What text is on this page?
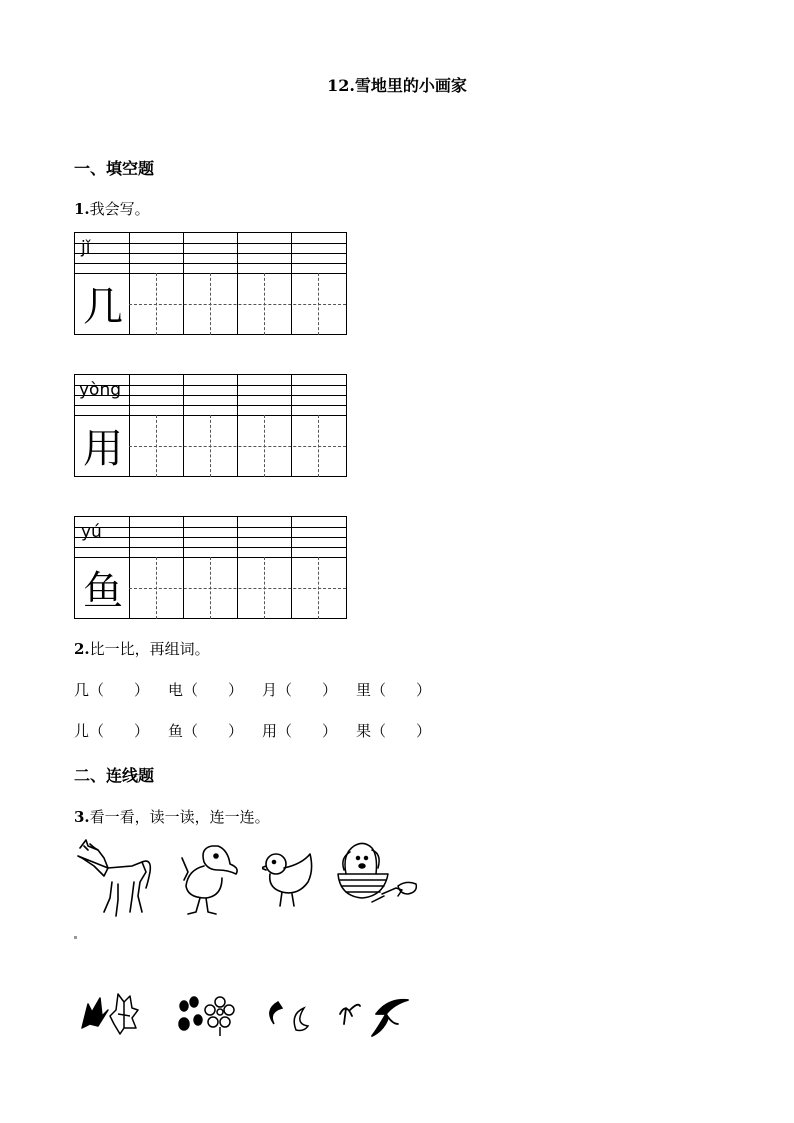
12.雪地里的小画家
一、填空题
1.我会写。
jǐ
几
yòng
用
yú
鱼
2.比一比，再组词。
几（　　） 电（　　） 月（　　） 里（　　）
儿（　　） 鱼（　　） 用（　　） 果（　　）
二、连线题
3.看一看，读一读，连一连。
